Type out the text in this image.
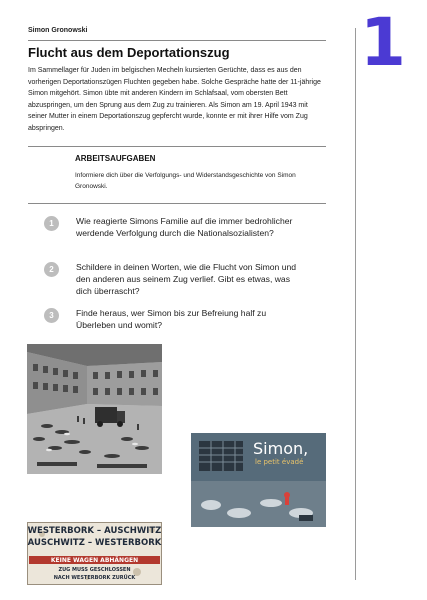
1
Simon Gronowski
Flucht aus dem Deportationszug
Im Sammellager für Juden im belgischen Mecheln kursierten Gerüchte, dass es aus den vorherigen Deportationszügen Fluchten gegeben habe. Solche Gespräche hatte der 11-jährige Simon mitgehört. Simon übte mit anderen Kindern im Schlafsaal, vom obersten Bett abzuspringen, um den Sprung aus dem Zug zu trainieren. Als Simon am 19. April 1943 mit seiner Mutter in einem Deportationszug gepfercht wurde, konnte er mit ihrer Hilfe vom Zug abspringen.
ARBEITSAUFGABEN
Informiere dich über die Verfolgungs- und Widerstandsgeschichte von Simon Gronowski.
1	Wie reagierte Simons Familie auf die immer bedrohlicher werdende Verfolgung durch die Nationalsozialisten?
2	Schildere in deinen Worten, wie die Flucht von Simon und den anderen aus seinem Zug verlief. Gibt es etwas, was dich überrascht?
3	Finde heraus, wer Simon bis zur Befreiung half zu Überleben und womit?
Simon,
le petit évadé
WESTERBORK – AUSCHWITZ
AUSCHWITZ – WESTERBORK
KEINE WAGEN ABHÄNGEN
ZUG MUSS GESCHLOSSEN
NACH WESTERBORK ZURÜCK
